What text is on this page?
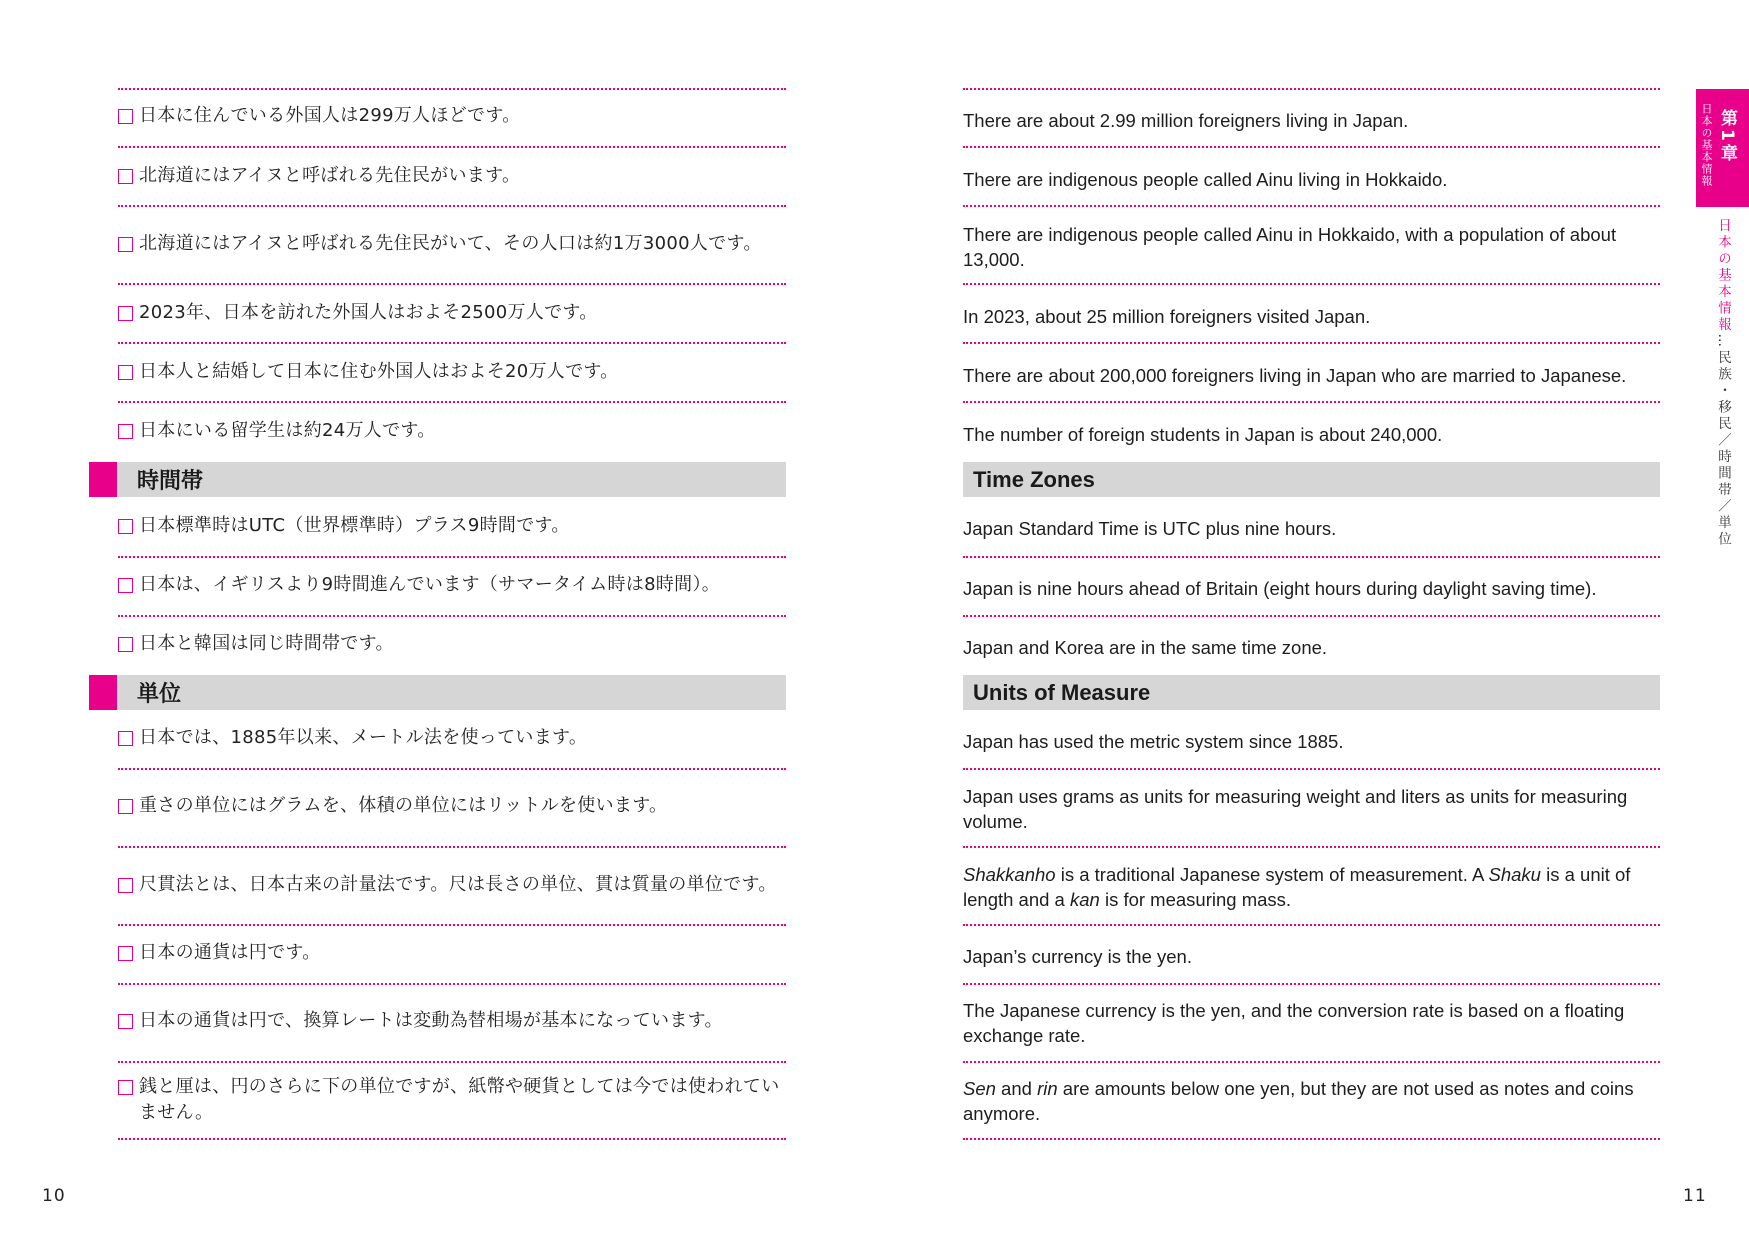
日本に住んでいる外国人は299万人ほどです。
北海道にはアイヌと呼ばれる先住民がいます。
北海道にはアイヌと呼ばれる先住民がいて、その人口は約1万3000人です。
2023年、日本を訪れた外国人はおよそ2500万人です。
日本人と結婚して日本に住む外国人はおよそ20万人です。
日本にいる留学生は約24万人です。
時間帯
日本標準時はUTC（世界標準時）プラス9時間です。
日本は、イギリスより9時間進んでいます（サマータイム時は8時間）。
日本と韓国は同じ時間帯です。
単位
日本では、1885年以来、メートル法を使っています。
重さの単位にはグラムを、体積の単位にはリットルを使います。
尺貫法とは、日本古来の計量法です。尺は長さの単位、貫は質量の単位です。
日本の通貨は円です。
日本の通貨は円で、換算レートは変動為替相場が基本になっています。
銭と厘は、円のさらに下の単位ですが、紙幣や硬貨としては今では使われていません。
10
There are about 2.99 million foreigners living in Japan.
There are indigenous people called Ainu living in Hokkaido.
There are indigenous people called Ainu in Hokkaido, with a population of about 13,000.
In 2023, about 25 million foreigners visited Japan.
There are about 200,000 foreigners living in Japan who are married to Japanese.
The number of foreign students in Japan is about 240,000.
Time Zones
Japan Standard Time is UTC plus nine hours.
Japan is nine hours ahead of Britain (eight hours during daylight saving time).
Japan and Korea are in the same time zone.
Units of Measure
Japan has used the metric system since 1885.
Japan uses grams as units for measuring weight and liters as units for measuring volume.
Shakkanho is a traditional Japanese system of measurement. A Shaku is a unit of length and a kan is for measuring mass.
Japan’s currency is the yen.
The Japanese currency is the yen, and the conversion rate is based on a floating exchange rate.
Sen and rin are amounts below one yen, but they are not used as notes and coins anymore.
第1章
日本の基本情報
日本の基本情報…民族・移民／時間帯／単位
11
